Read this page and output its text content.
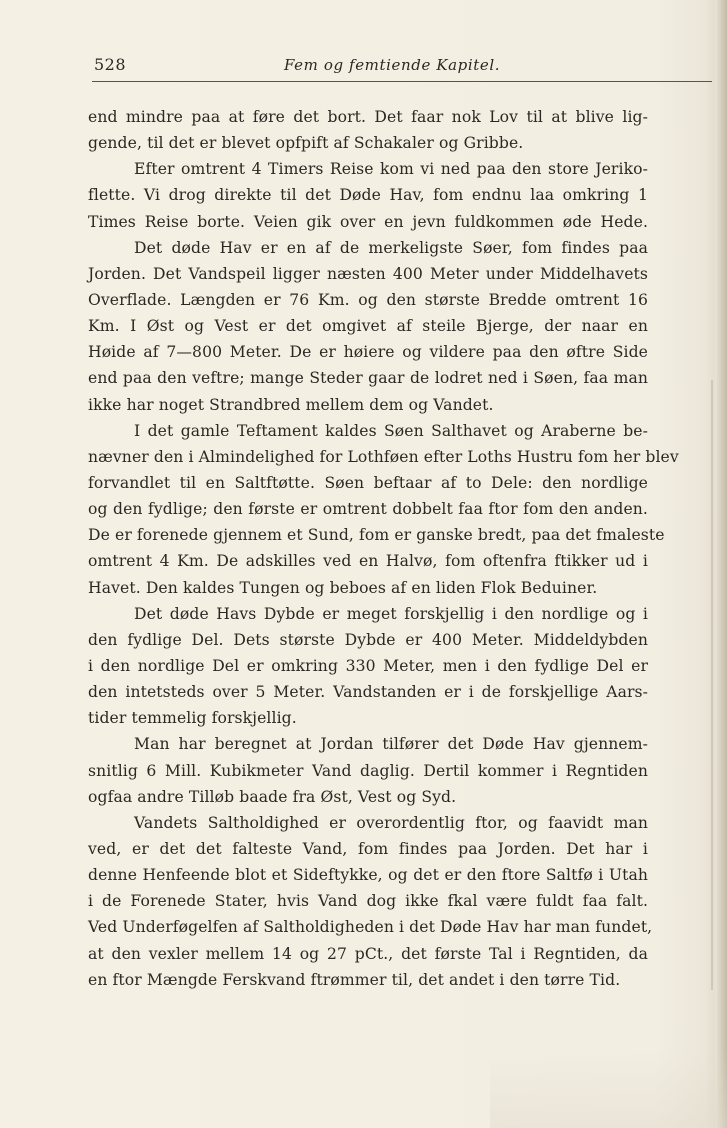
528	Fem og femtiende Kapitel.
end mindre paa at føre det bort. Det faar nok Lov til at blive lig-
gende, til det er blevet opfpift af Schakaler og Gribbe.
Efter omtrent 4 Timers Reise kom vi ned paa den store Jeriko-
flette. Vi drog direkte til det Døde Hav, fom endnu laa omkring 1
Times Reise borte. Veien gik over en jevn fuldkommen øde Hede.
Det døde Hav er en af de merkeligste Søer, fom findes paa
Jorden. Det Vandspeil ligger næsten 400 Meter under Middelhavets
Overflade. Længden er 76 Km. og den største Bredde omtrent 16
Km. I Øst og Vest er det omgivet af steile Bjerge, der naar en
Høide af 7—800 Meter. De er høiere og vildere paa den øftre Side
end paa den veftre; mange Steder gaar de lodret ned i Søen, faa man
ikke har noget Strandbred mellem dem og Vandet.
I det gamle Teftament kaldes Søen Salthavet og Araberne be-
nævner den i Almindelighed for Lothføen efter Loths Hustru fom her blev
forvandlet til en Saltftøtte. Søen beftaar af to Dele: den nordlige
og den fydlige; den første er omtrent dobbelt faa ftor fom den anden.
De er forenede gjennem et Sund, fom er ganske bredt, paa det fmaleste
omtrent 4 Km. De adskilles ved en Halvø, fom oftenfra ftikker ud i
Havet. Den kaldes Tungen og beboes af en liden Flok Beduiner.
Det døde Havs Dybde er meget forskjellig i den nordlige og i
den fydlige Del. Dets største Dybde er 400 Meter. Middeldybden
i den nordlige Del er omkring 330 Meter, men i den fydlige Del er
den intetsteds over 5 Meter. Vandstanden er i de forskjellige Aars-
tider temmelig forskjellig.
Man har beregnet at Jordan tilfører det Døde Hav gjennem-
snitlig 6 Mill. Kubikmeter Vand daglig. Dertil kommer i Regntiden
ogfaa andre Tilløb baade fra Øst, Vest og Syd.
Vandets Saltholdighed er overordentlig ftor, og faavidt man
ved, er det det falteste Vand, fom findes paa Jorden. Det har i
denne Henfeende blot et Sideftykke, og det er den ftore Saltfø i Utah
i de Forenede Stater, hvis Vand dog ikke fkal være fuldt faa falt.
Ved Underføgelfen af Saltholdigheden i det Døde Hav har man fundet,
at den vexler mellem 14 og 27 pCt., det første Tal i Regntiden, da
en ftor Mængde Ferskvand ftrømmer til, det andet i den tørre Tid.
